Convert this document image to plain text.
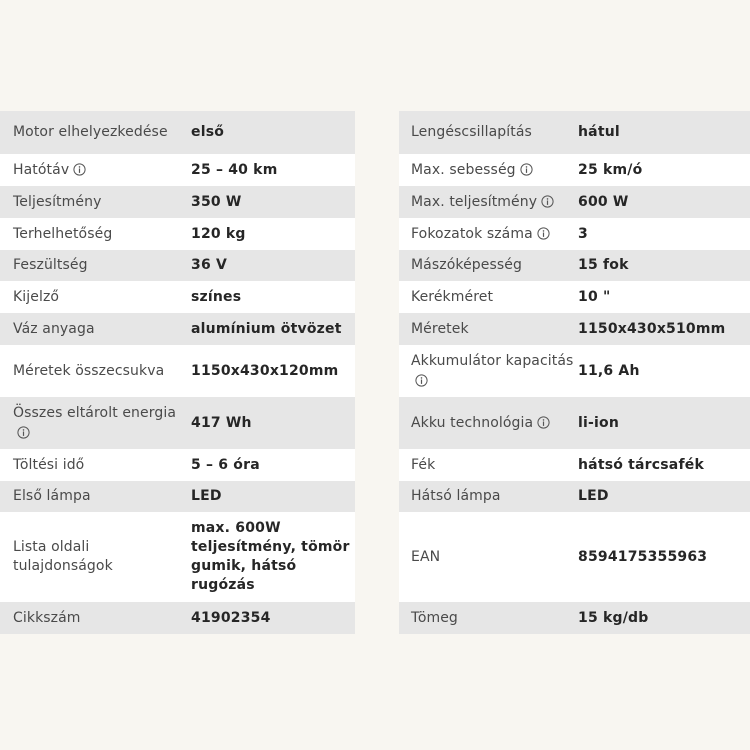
Motor elhelyezkedése	első
Hatótáv	25 – 40 km
Teljesítmény	350 W
Terhelhetőség	120 kg
Feszültség	36 V
Kijelző	színes
Váz anyaga	alumínium ötvözet
Méretek összecsukva	1150x430x120mm
Összes eltárolt energia	417 Wh
Töltési idő	5 – 6 óra
Első lámpa	LED
Lista oldali tulajdonságok	max. 600W teljesítmény, tömör gumik, hátsó rugózás
Cikkszám	41902354
Lengéscsillapítás	hátul
Max. sebesség	25 km/ó
Max. teljesítmény	600 W
Fokozatok száma	3
Mászóképesség	15 fok
Kerékméret	10 "
Méretek	1150x430x510mm
Akkumulátor kapacitás	11,6 Ah
Akku technológia	li-ion
Fék	hátsó tárcsafék
Hátsó lámpa	LED
EAN	8594175355963
Tömeg	15 kg/db
